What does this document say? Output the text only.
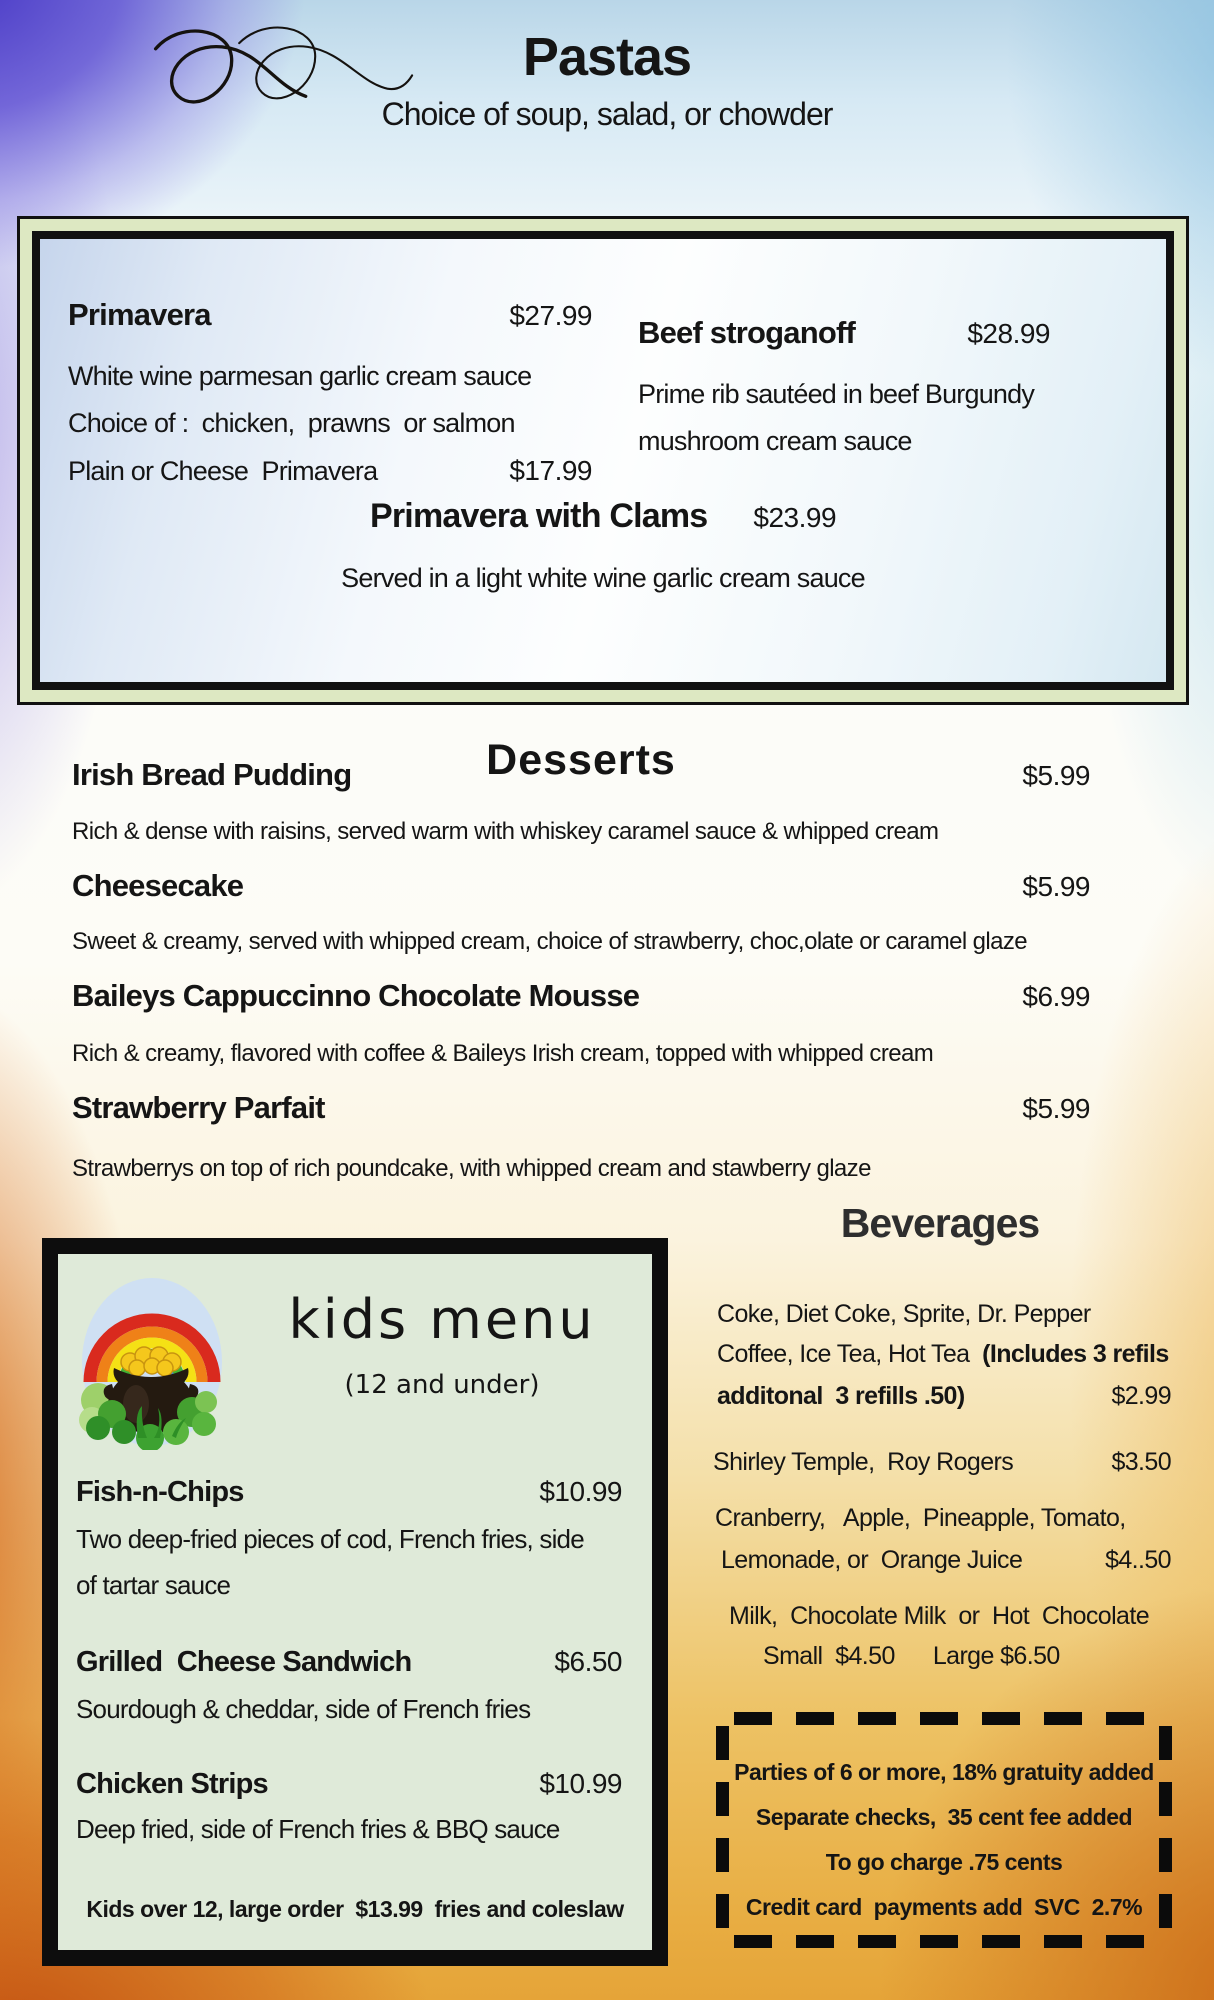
Pastas
Choice of soup, salad, or chowder
Primavera	$27.99
White wine parmesan garlic cream sauce
Choice of :  chicken,  prawns  or salmon
Plain or Cheese  Primavera	$17.99
Beef stroganoff	$28.99
Prime rib sautéed in beef Burgundy
mushroom cream sauce
Primavera with Clams $23.99
Served in a light white wine garlic cream sauce
Desserts
Irish Bread Pudding	$5.99
Rich & dense with raisins, served warm with whiskey caramel sauce & whipped cream
Cheesecake	$5.99
Sweet & creamy, served with whipped cream, choice of strawberry, choc,olate or caramel glaze
Baileys Cappuccinno Chocolate Mousse	$6.99
Rich & creamy, flavored with coffee & Baileys Irish cream, topped with whipped cream
Strawberry Parfait	$5.99
Strawberrys on top of rich poundcake, with whipped cream and stawberry glaze
kids menu
(12 and under)
Fish-n-Chips	$10.99
Two deep-fried pieces of cod, French fries, side
of tartar sauce
Grilled  Cheese Sandwich	$6.50
Sourdough & cheddar, side of French fries
Chicken Strips	$10.99
Deep fried, side of French fries & BBQ sauce
Kids over 12, large order  $13.99  fries and coleslaw
Beverages
Coke, Diet Coke, Sprite, Dr. Pepper
Coffee, Ice Tea, Hot Tea  (Includes 3 refils
additonal  3 refills .50)	$2.99
Shirley Temple,  Roy Rogers	$3.50
Cranberry,   Apple,  Pineapple, Tomato,
Lemonade, or  Orange Juice	$4..50
Milk,  Chocolate Milk  or  Hot  Chocolate
Small  $4.50      Large $6.50
Parties of 6 or more, 18% gratuity added
Separate checks,  35 cent fee added
To go charge .75 cents
Credit card  payments add  SVC  2.7%
